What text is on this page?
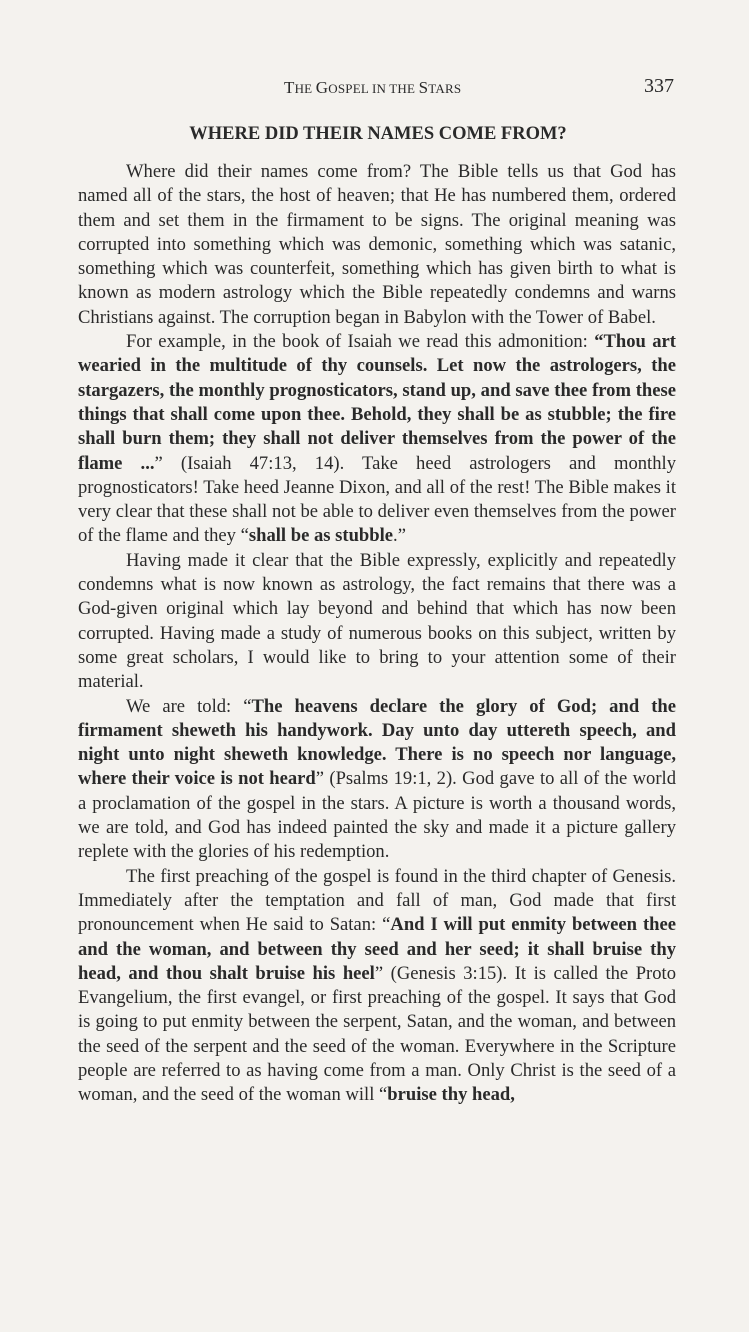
THE GOSPEL IN THE STARS	337
WHERE DID THEIR NAMES COME FROM?

Where did their names come from? The Bible tells us that God has named all of the stars, the host of heaven; that He has numbered them, ordered them and set them in the firmament to be signs. The original meaning was corrupted into something which was demonic, something which was satanic, something which was counterfeit, something which has given birth to what is known as modern astrology which the Bible repeatedly condemns and warns Christians against. The corruption began in Babylon with the Tower of Babel.

For example, in the book of Isaiah we read this admonition: “Thou art wearied in the multitude of thy counsels. Let now the astrologers, the stargazers, the monthly prognosticators, stand up, and save thee from these things that shall come upon thee. Behold, they shall be as stubble; the fire shall burn them; they shall not deliver themselves from the power of the flame ...” (Isaiah 47:13, 14). Take heed astrologers and monthly prognosticators! Take heed Jeanne Dixon, and all of the rest! The Bible makes it very clear that these shall not be able to deliver even themselves from the power of the flame and they “shall be as stubble.”

Having made it clear that the Bible expressly, explicitly and repeatedly condemns what is now known as astrology, the fact remains that there was a God-given original which lay beyond and behind that which has now been corrupted. Having made a study of numerous books on this subject, written by some great scholars, I would like to bring to your attention some of their material.

We are told: “The heavens declare the glory of God; and the firmament sheweth his handywork. Day unto day uttereth speech, and night unto night sheweth knowledge. There is no speech nor language, where their voice is not heard” (Psalms 19:1, 2). God gave to all of the world a proclamation of the gospel in the stars. A picture is worth a thousand words, we are told, and God has indeed painted the sky and made it a picture gallery replete with the glories of his redemption.

The first preaching of the gospel is found in the third chapter of Genesis. Immediately after the temptation and fall of man, God made that first pronouncement when He said to Satan: “And I will put enmity between thee and the woman, and between thy seed and her seed; it shall bruise thy head, and thou shalt bruise his heel” (Genesis 3:15). It is called the Proto Evangelium, the first evangel, or first preaching of the gospel. It says that God is going to put enmity between the serpent, Satan, and the woman, and between the seed of the serpent and the seed of the woman. Everywhere in the Scripture people are referred to as having come from a man. Only Christ is the seed of a woman, and the seed of the woman will “bruise thy head,
